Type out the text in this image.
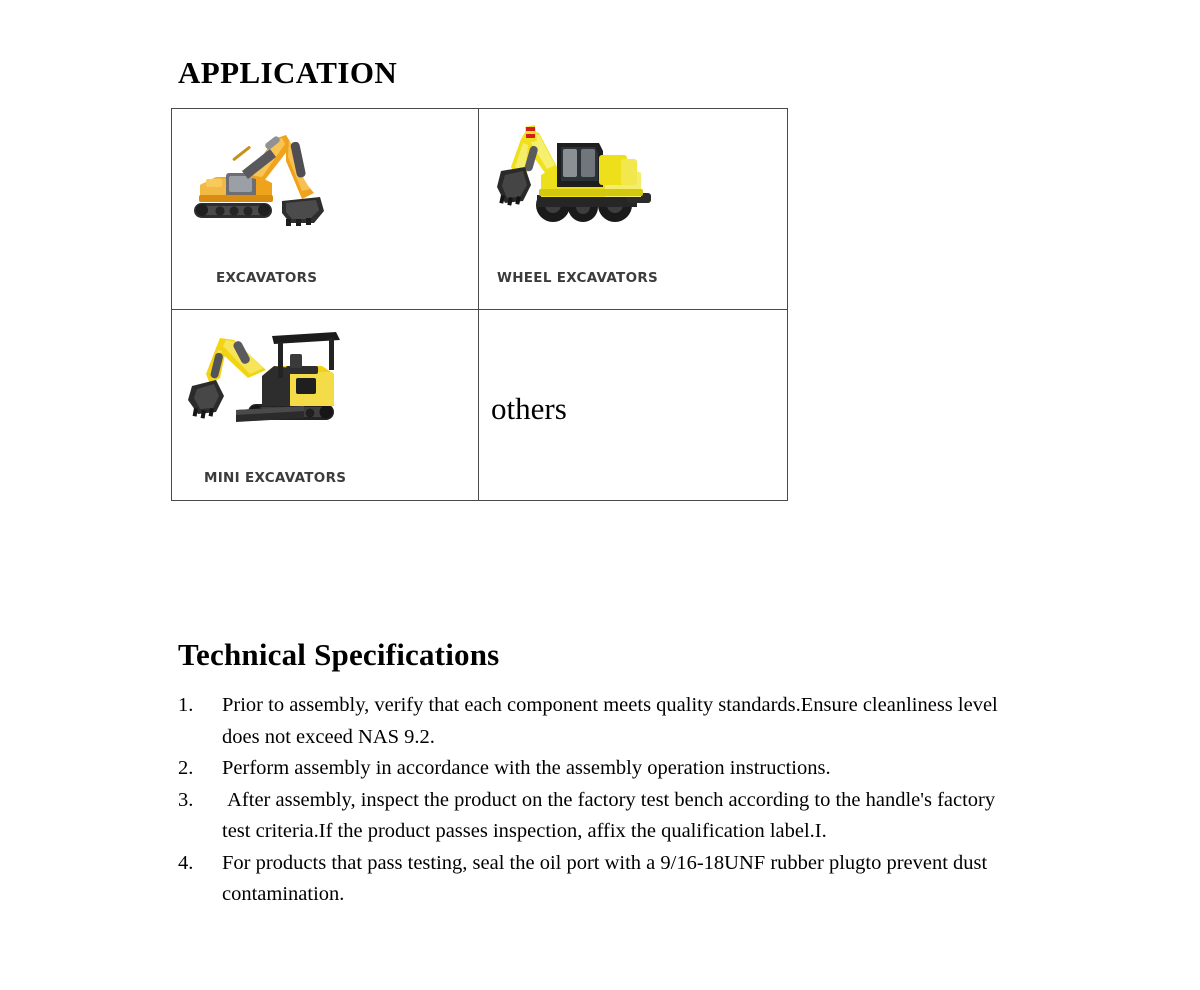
APPLICATION
EXCAVATORS	WHEEL EXCAVATORS

MINI EXCAVATORS	others
Technical Specifications
1.	Prior to assembly, verify that each component meets quality standards.Ensure cleanliness level does not exceed NAS 9.2.
2.	Perform assembly in accordance with the assembly operation instructions.
3.	After assembly, inspect the product on the factory test bench according to the handle's factory test criteria.If the product passes inspection, affix the qualification label.I.
4.	For products that pass testing, seal the oil port with a 9/16-18UNF rubber plugto prevent dust contamination.
